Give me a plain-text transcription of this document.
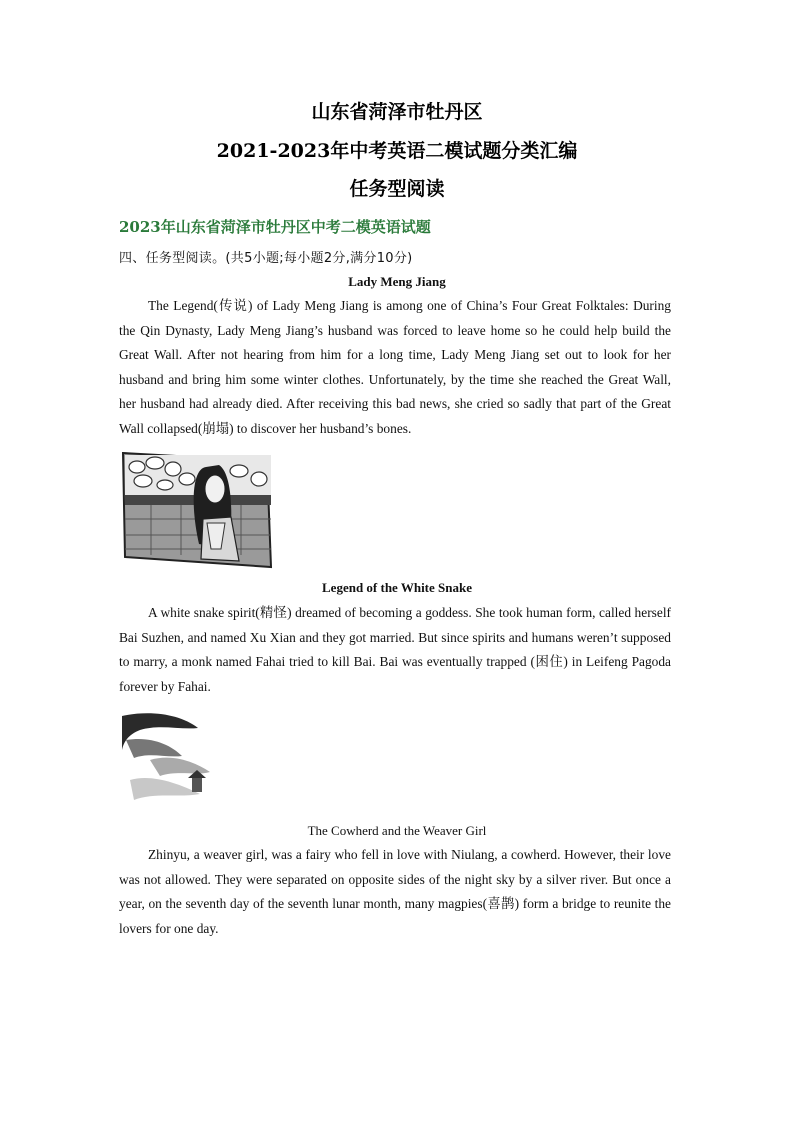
山东省菏泽市牡丹区
2021-2023年中考英语二模试题分类汇编
任务型阅读
2023年山东省菏泽市牡丹区中考二模英语试题
四、任务型阅读。(共5小题;每小题2分,满分10分)
Lady Meng Jiang
The Legend(传说) of Lady Meng Jiang is among one of China’s Four Great Folktales: During the Qin Dynasty, Lady Meng Jiang’s husband was forced to leave home so he could help build the Great Wall. After not hearing from him for a long time, Lady Meng Jiang set out to look for her husband and bring him some winter clothes. Unfortunately, by the time she reached the Great Wall, her husband had already died. After receiving this bad news, she cried so sadly that part of the Great Wall collapsed(崩塌) to discover her husband’s bones.
Legend of the White Snake
A white snake spirit(精怪) dreamed of becoming a goddess. She took human form, called herself Bai Suzhen, and named Xu Xian and they got married. But since spirits and humans weren’t supposed to marry, a monk named Fahai tried to kill Bai. Bai was eventually trapped (困住) in Leifeng Pagoda forever by Fahai.
The Cowherd and the Weaver Girl
Zhinyu, a weaver girl, was a fairy who fell in love with Niulang, a cowherd. However, their love was not allowed. They were separated on opposite sides of the night sky by a silver river. But once a year, on the seventh day of the seventh lunar month, many magpies(喜鹊) form a bridge to reunite the lovers for one day.
